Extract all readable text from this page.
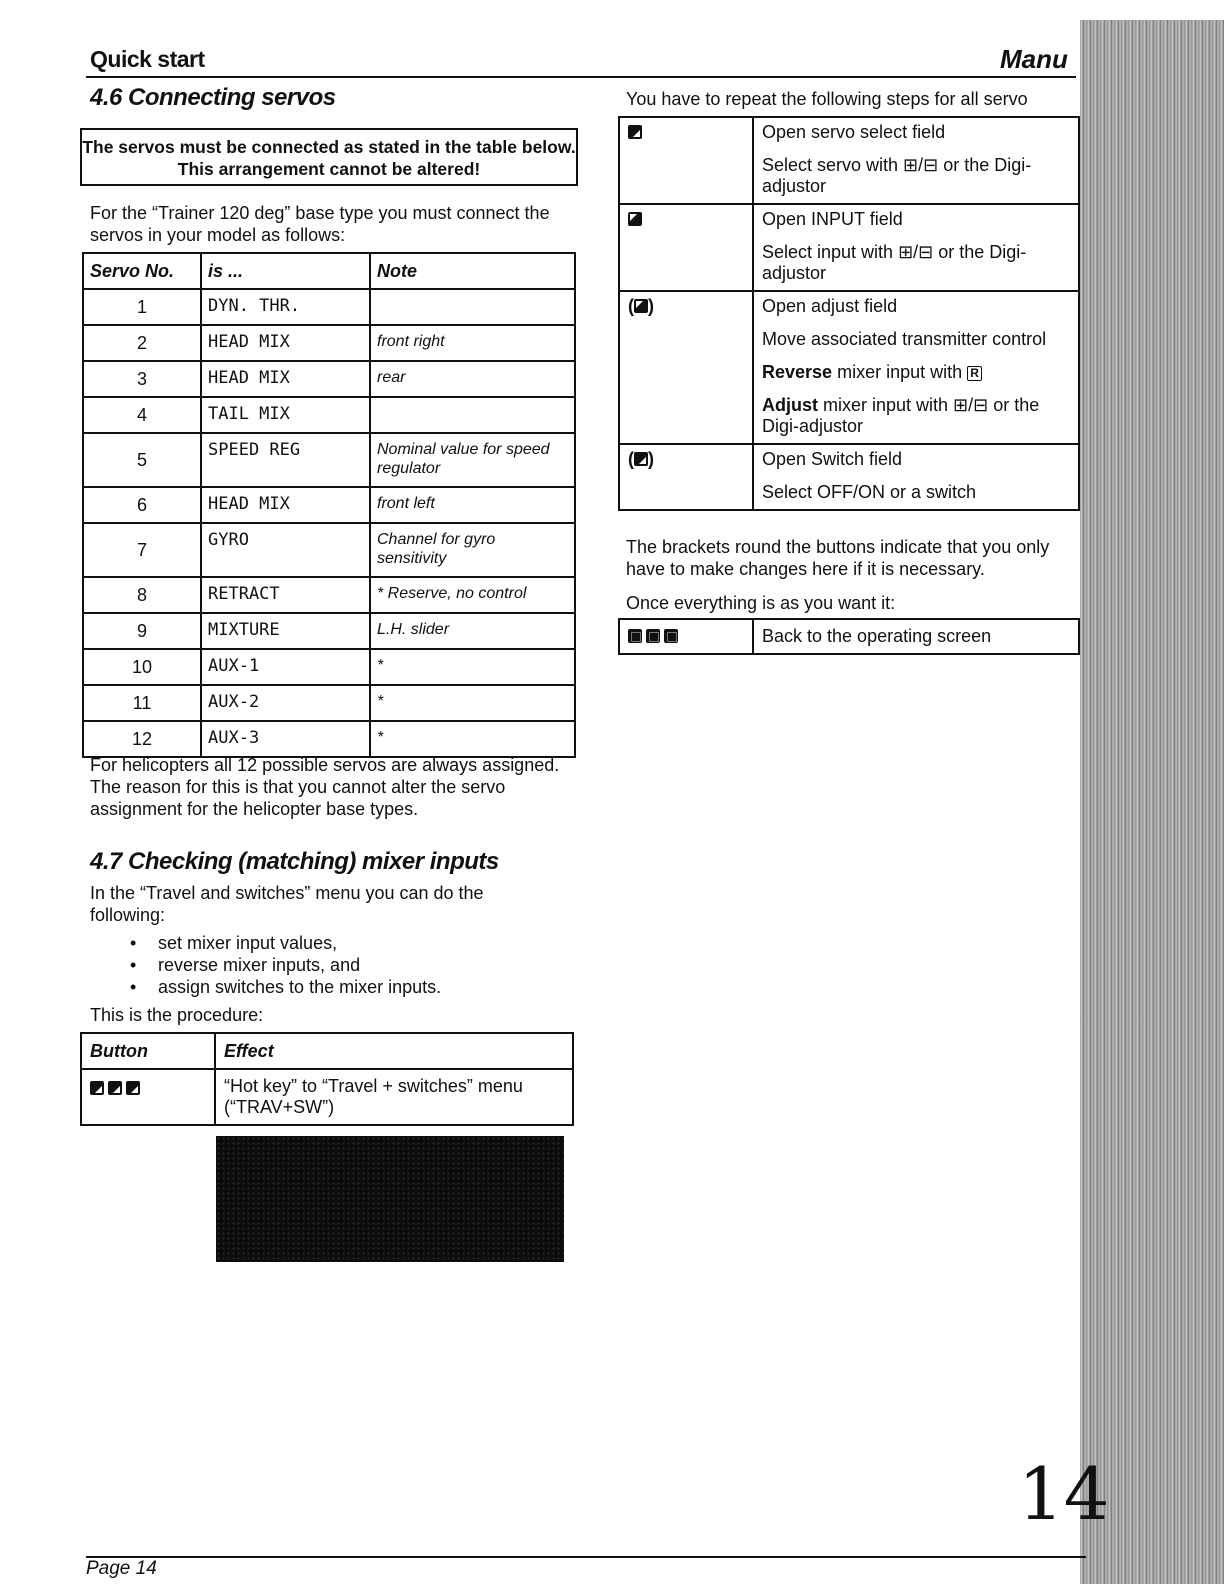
Quick start	Manu
4.6 Connecting servos
The servos must be connected as stated in the table below. This arrangement cannot be altered!
For the “Trainer 120 deg” base type you must connect the servos in your model as follows:
Servo No.	is ...	Note
1	DYN. THR.	
2	HEAD MIX	front right
3	HEAD MIX	rear
4	TAIL MIX	
5	SPEED REG	Nominal value for speed regulator
6	HEAD MIX	front left
7	GYRO	Channel for gyro sensitivity
8	RETRACT	* Reserve, no control
9	MIXTURE	L.H. slider
10	AUX-1	*
11	AUX-2	*
12	AUX-3	*
For helicopters all 12 possible servos are always assigned. The reason for this is that you cannot alter the servo assignment for the helicopter base types.
4.7 Checking (matching) mixer inputs
In the “Travel and switches” menu you can do the following:
• set mixer input values,
• reverse mixer inputs, and
• assign switches to the mixer inputs.
This is the procedure:
Button	Effect
	“Hot key” to “Travel + switches” menu (“TRAV+SW”)
You have to repeat the following steps for all servo

	Open servo select field

Select servo with ⊞/⊟ or the Digi-adjustor

	Open INPUT field

Select input with ⊞/⊟ or the Digi-adjustor

( )	Open adjust field

Move associated transmitter control

Reverse mixer input with R

Adjust mixer input with ⊞/⊟ or the Digi-adjustor

( )	Open Switch field

Select OFF/ON or a switch

The brackets round the buttons indicate that you only have to make changes here if it is necessary.
Once everything is as you want it:
	Back to the operating screen
14
Page 14
